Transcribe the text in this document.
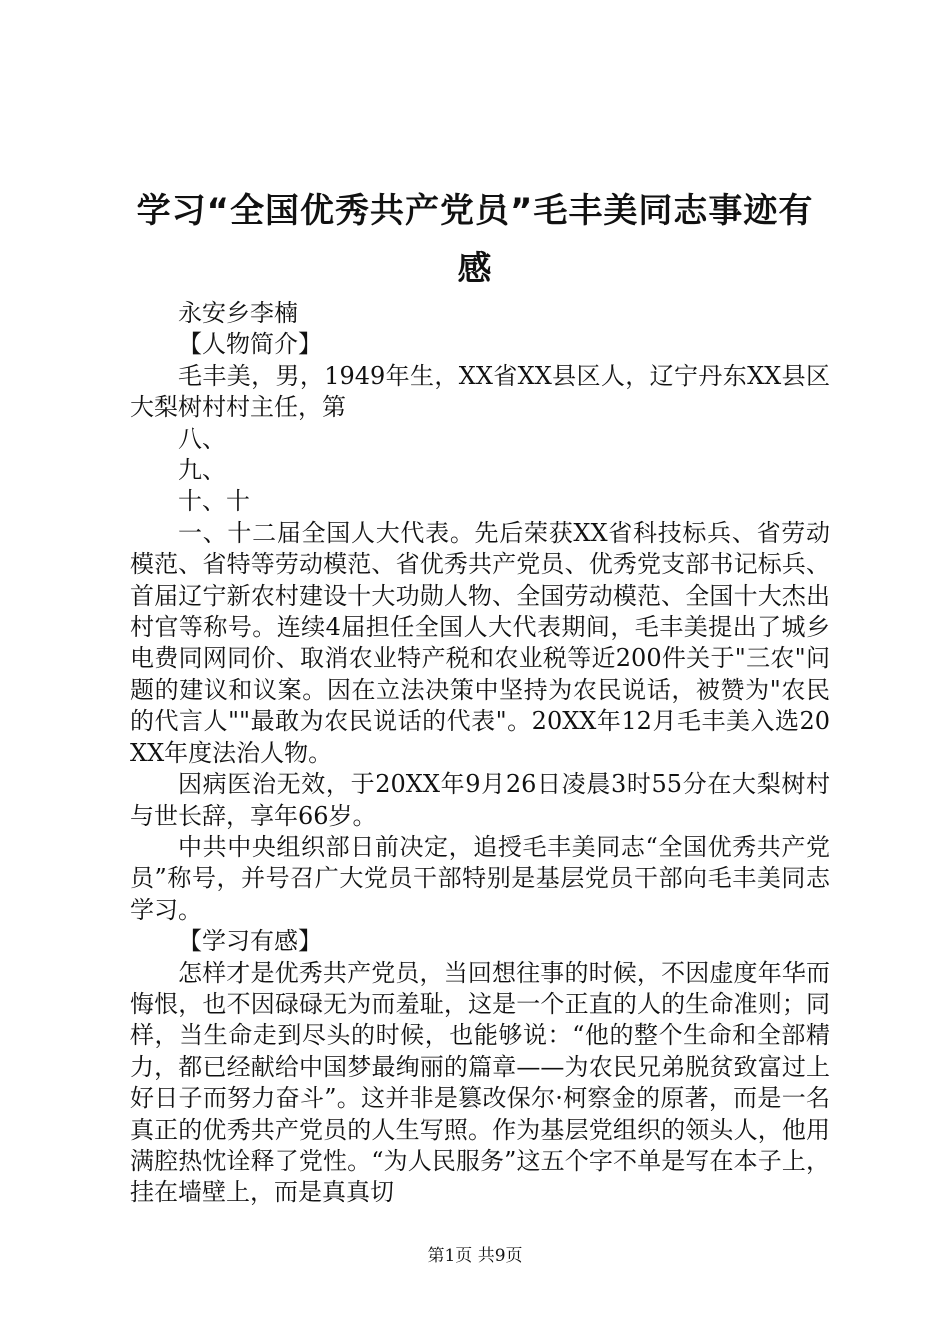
学习“全国优秀共产党员”毛丰美同志事迹有感

永安乡李楠

【人物简介】

毛丰美，男，1949年生，XX省XX县区人，辽宁丹东XX县区大梨树村村主任，第

八、

九、

十、十

一、十二届全国人大代表。先后荣获XX省科技标兵、省劳动模范、省特等劳动模范、省优秀共产党员、优秀党支部书记标兵、首届辽宁新农村建设十大功勋人物、全国劳动模范、全国十大杰出村官等称号。连续4届担任全国人大代表期间，毛丰美提出了城乡电费同网同价、取消农业特产税和农业税等近200件关于"三农"问题的建议和议案。因在立法决策中坚持为农民说话，被赞为"农民的代言人""最敢为农民说话的代表"。20XX年12月毛丰美入选20XX年度法治人物。

因病医治无效，于20XX年9月26日凌晨3时55分在大梨树村与世长辞，享年66岁。

中共中央组织部日前决定，追授毛丰美同志“全国优秀共产党员”称号，并号召广大党员干部特别是基层党员干部向毛丰美同志学习。

【学习有感】

怎样才是优秀共产党员，当回想往事的时候，不因虚度年华而悔恨，也不因碌碌无为而羞耻，这是一个正直的人的生命准则；同样，当生命走到尽头的时候，也能够说：“他的整个生命和全部精力，都已经献给中国梦最绚丽的篇章——为农民兄弟脱贫致富过上好日子而努力奋斗”。这并非是篡改保尔·柯察金的原著，而是一名真正的优秀共产党员的人生写照。作为基层党组织的领头人，他用满腔热忱诠释了党性。“为人民服务”这五个字不单是写在本子上，挂在墙壁上，而是真真切

第1页 共9页
